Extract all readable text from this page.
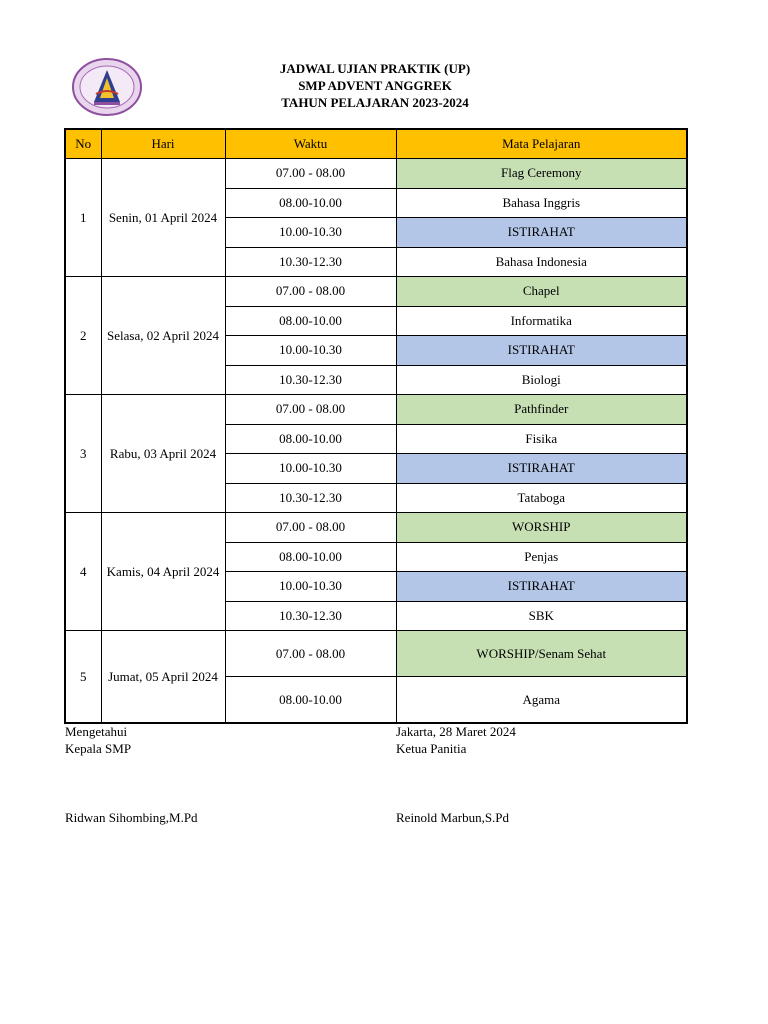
JADWAL UJIAN PRAKTIK (UP)
SMP ADVENT ANGGREK
TAHUN PELAJARAN 2023-2024
No	Hari	Waktu	Mata Pelajaran
1	Senin, 01 April 2024	07.00 - 08.00	Flag Ceremony
		08.00-10.00	Bahasa Inggris
		10.00-10.30	ISTIRAHAT
		10.30-12.30	Bahasa Indonesia
2	Selasa, 02 April 2024	07.00 - 08.00	Chapel
		08.00-10.00	Informatika
		10.00-10.30	ISTIRAHAT
		10.30-12.30	Biologi
3	Rabu, 03 April 2024	07.00 - 08.00	Pathfinder
		08.00-10.00	Fisika
		10.00-10.30	ISTIRAHAT
		10.30-12.30	Tataboga
4	Kamis, 04 April 2024	07.00 - 08.00	WORSHIP
		08.00-10.00	Penjas
		10.00-10.30	ISTIRAHAT
		10.30-12.30	SBK
5	Jumat, 05 April 2024	07.00 - 08.00	WORSHIP/Senam Sehat
		08.00-10.00	Agama
Mengetahui
Kepala SMP
Ridwan Sihombing,M.Pd
Jakarta, 28 Maret 2024
Ketua Panitia
Reinold Marbun,S.Pd
